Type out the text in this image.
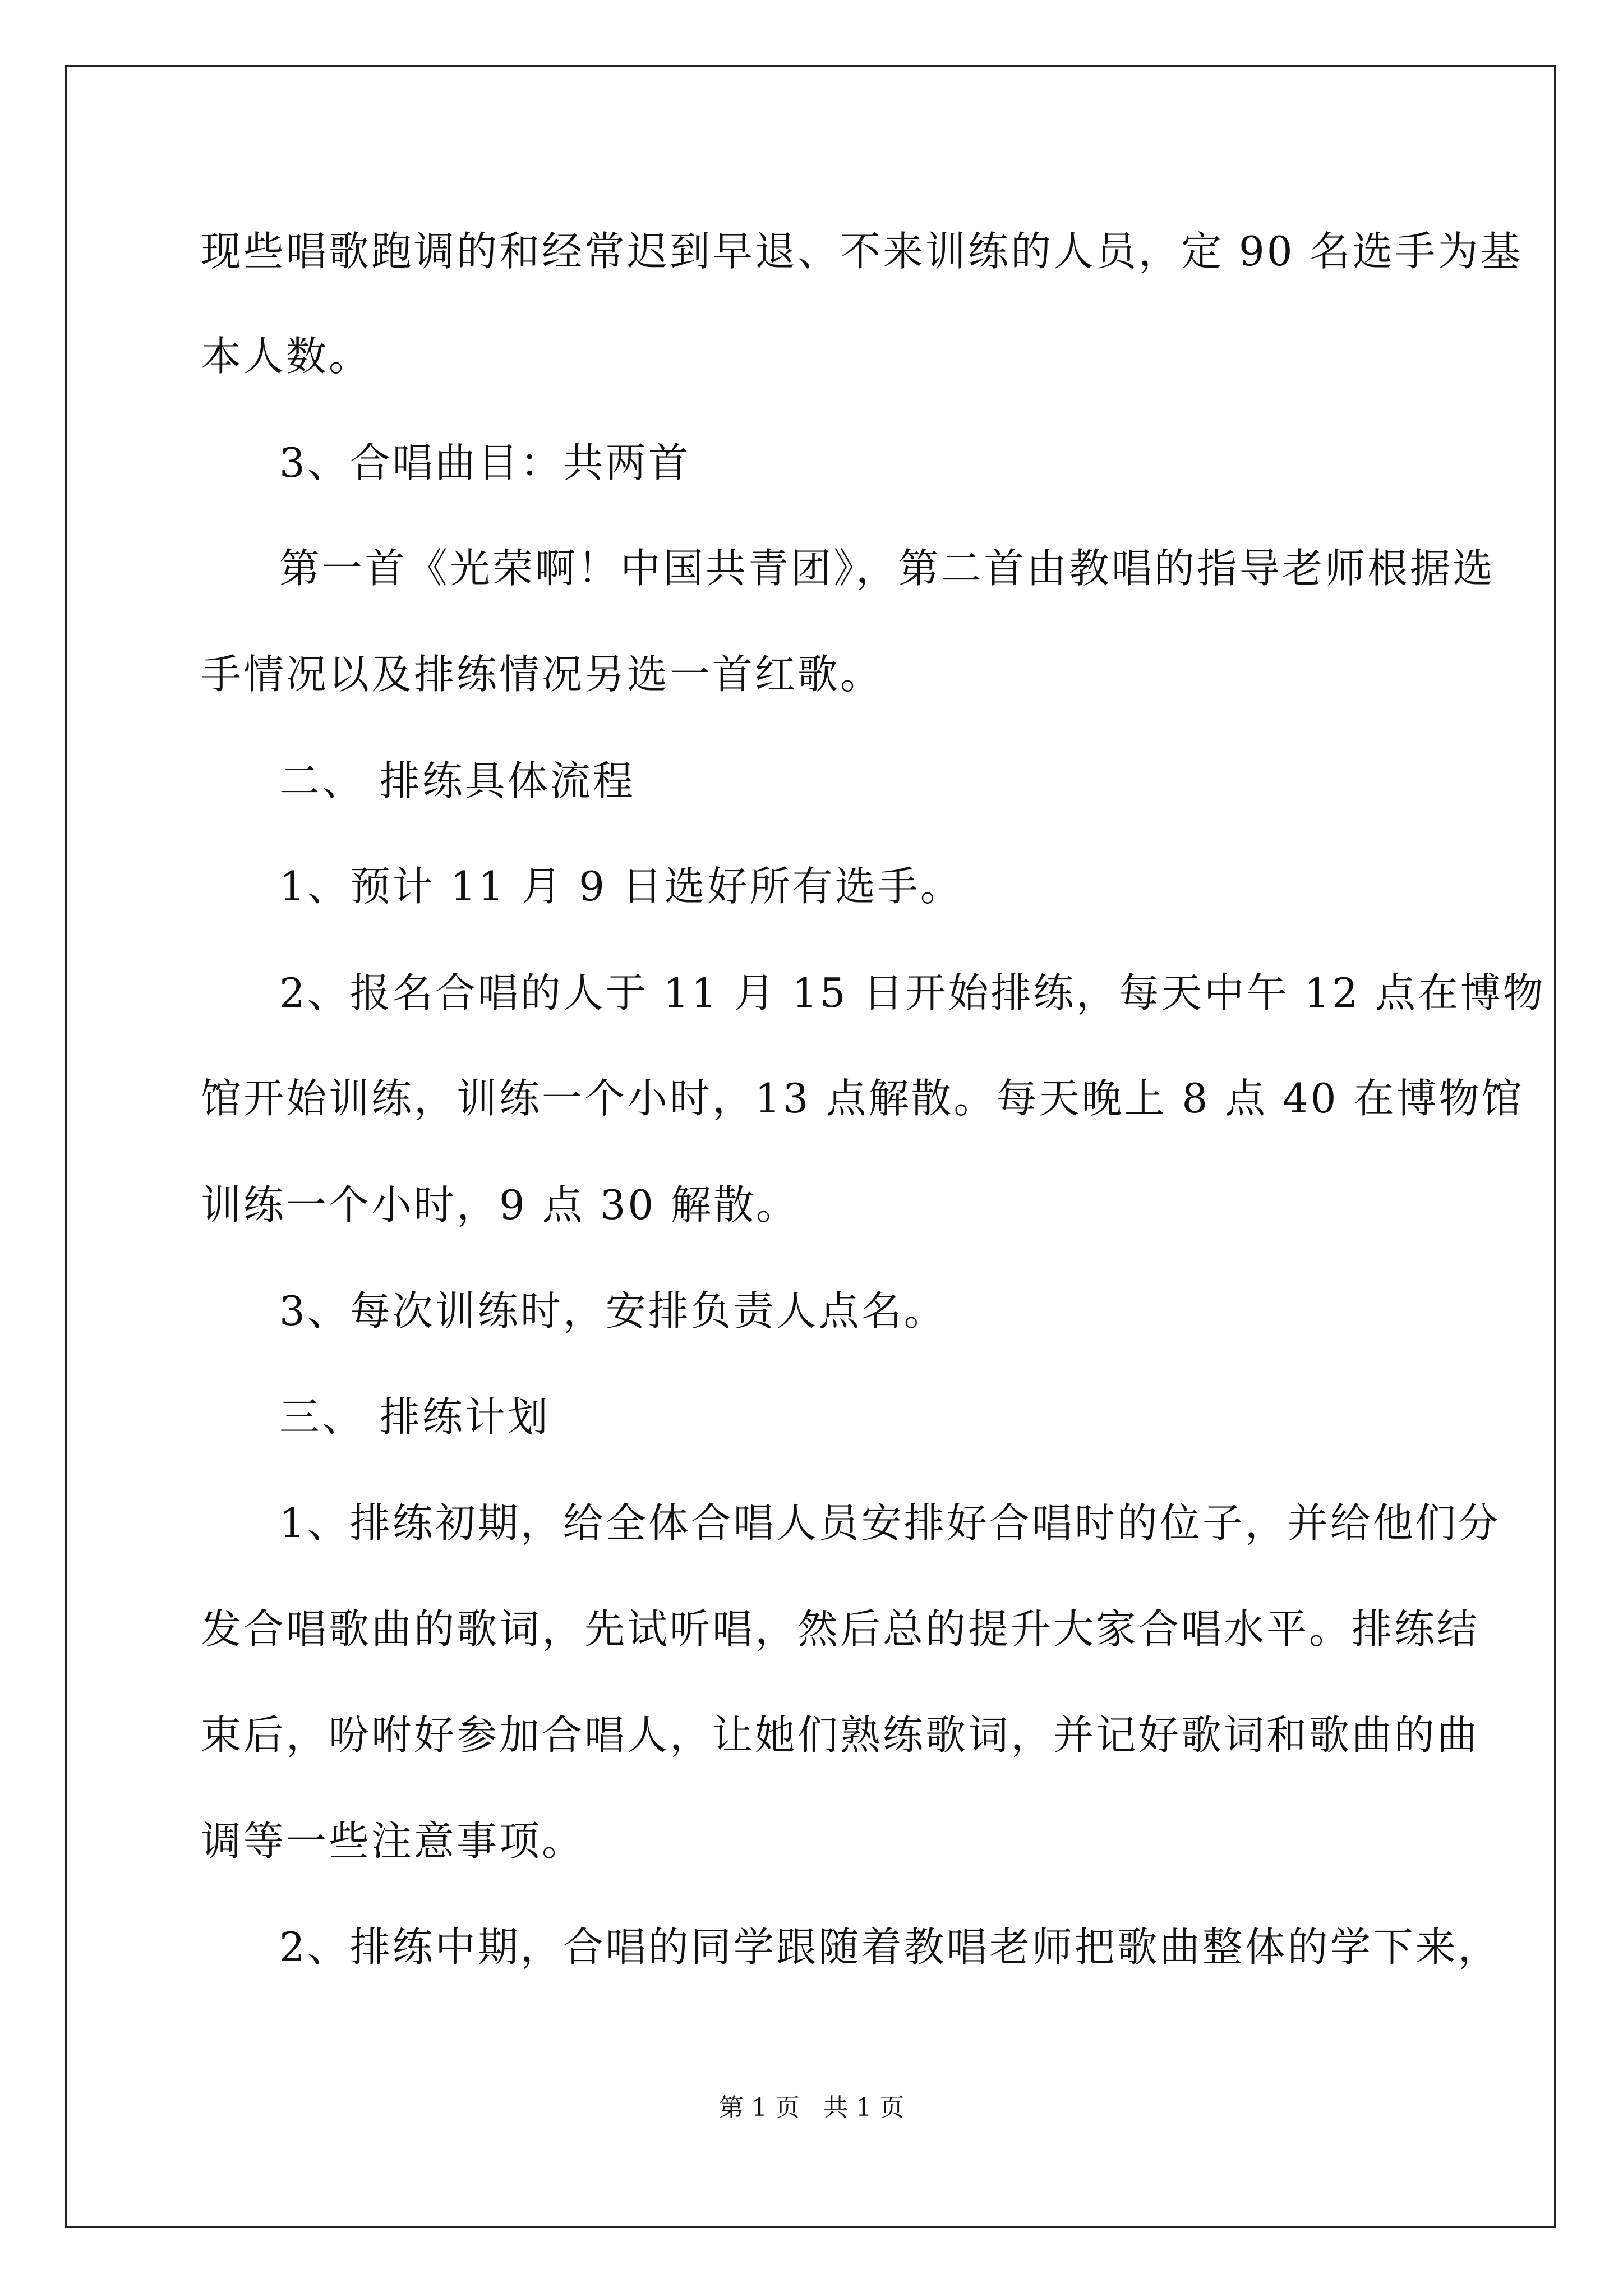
现些唱歌跑调的和经常迟到早退、不来训练的人员，定 90 名选手为基
本人数。
3、合唱曲目：共两首
第一首《光荣啊！中国共青团》，第二首由教唱的指导老师根据选
手情况以及排练情况另选一首红歌。
二、 排练具体流程
1、预计 11 月 9 日选好所有选手。
2、报名合唱的人于 11 月 15 日开始排练，每天中午 12 点在博物
馆开始训练，训练一个小时，13 点解散。每天晚上 8 点 40 在博物馆
训练一个小时，9 点 30 解散。
3、每次训练时，安排负责人点名。
三、 排练计划
1、排练初期，给全体合唱人员安排好合唱时的位子，并给他们分
发合唱歌曲的歌词，先试听唱，然后总的提升大家合唱水平。排练结
束后，吩咐好参加合唱人，让她们熟练歌词，并记好歌词和歌曲的曲
调等一些注意事项。
2、排练中期，合唱的同学跟随着教唱老师把歌曲整体的学下来，
第 1 页   共 1 页
